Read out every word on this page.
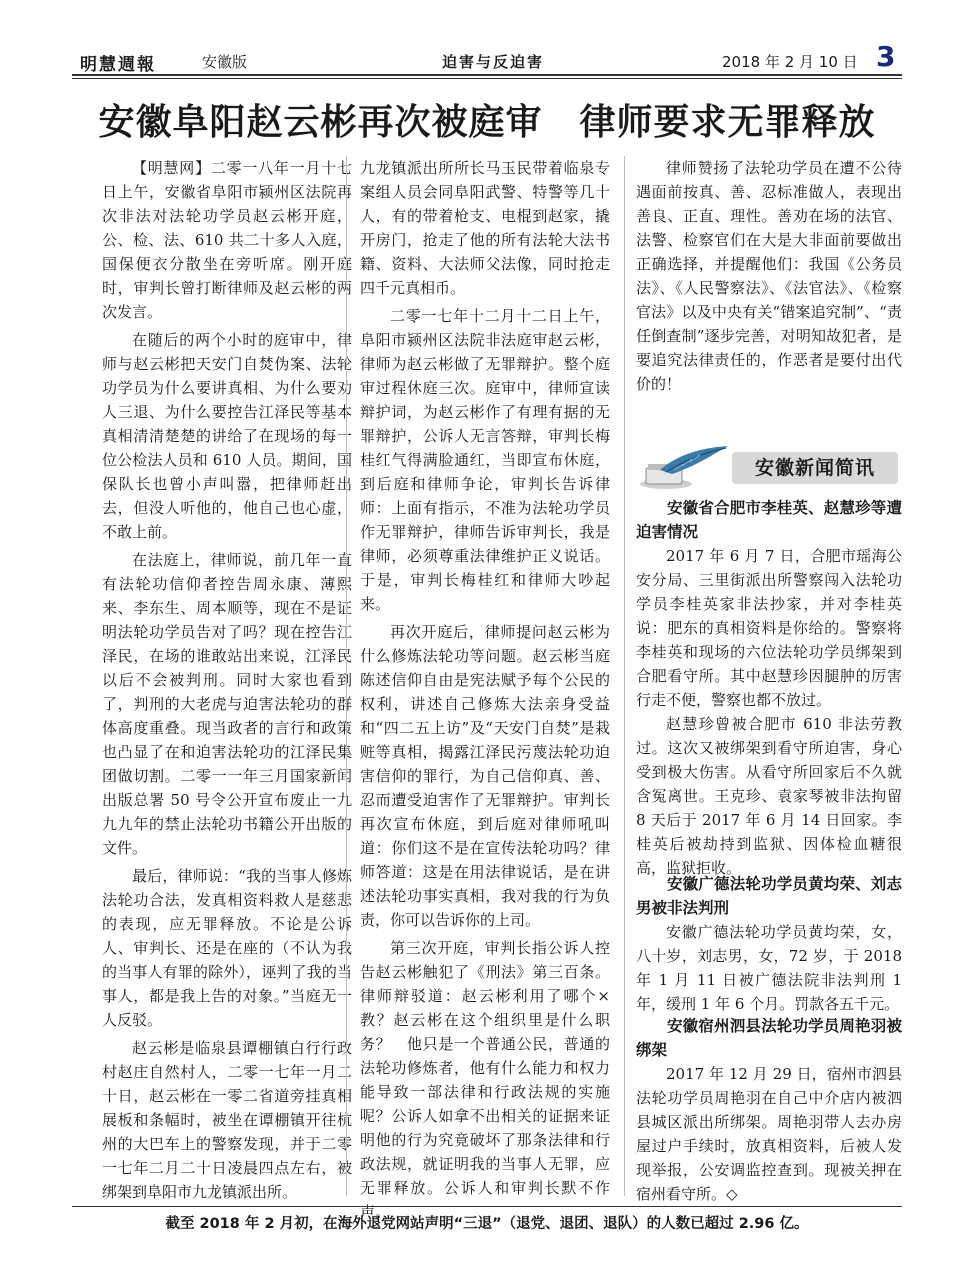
明慧週報	安徽版	迫害与反迫害	2018 年 2 月 10 日 3
安徽阜阳赵云彬再次被庭审　律师要求无罪释放

【明慧网】二零一八年一月十七日上午，安徽省阜阳市颍州区法院再次非法对法轮功学员赵云彬开庭，公、检、法、610 共二十多人入庭，国保便衣分散坐在旁听席。刚开庭时，审判长曾打断律师及赵云彬的两次发言。

在随后的两个小时的庭审中，律师与赵云彬把天安门自焚伪案、法轮功学员为什么要讲真相、为什么要劝人三退、为什么要控告江泽民等基本真相清清楚楚的讲给了在现场的每一位公检法人员和 610 人员。期间，国保队长也曾小声叫嚣，把律师赶出去，但没人听他的，他自己也心虚，不敢上前。

在法庭上，律师说，前几年一直有法轮功信仰者控告周永康、薄熙来、李东生、周本顺等，现在不是证明法轮功学员告对了吗？现在控告江泽民，在场的谁敢站出来说，江泽民以后不会被判刑。同时大家也看到了，判刑的大老虎与迫害法轮功的群体高度重叠。现当政者的言行和政策也凸显了在和迫害法轮功的江泽民集团做切割。二零一一年三月国家新闻出版总署 50 号令公开宣布废止一九九九年的禁止法轮功书籍公开出版的文件。

最后，律师说：“我的当事人修炼法轮功合法，发真相资料救人是慈悲的表现，应无罪释放。不论是公诉人、审判长、还是在座的（不认为我的当事人有罪的除外），诬判了我的当事人，都是我上告的对象。”当庭无一人反驳。

赵云彬是临泉县谭棚镇白行行政村赵庄自然村人，二零一七年一月二十日，赵云彬在一零二省道旁挂真相展板和条幅时，被坐在谭棚镇开往杭州的大巴车上的警察发现，并于二零一七年二月二十日凌晨四点左右，被绑架到阜阳市九龙镇派出所。

九龙镇派出所所长马玉民带着临泉专案组人员会同阜阳武警、特警等几十人，有的带着枪支、电棍到赵家，撬开房门，抢走了他的所有法轮大法书籍、资料、大法师父法像，同时抢走四千元真相币。

二零一七年十二月十二日上午，阜阳市颍州区法院非法庭审赵云彬，律师为赵云彬做了无罪辩护。整个庭审过程休庭三次。庭审中，律师宣读辩护词，为赵云彬作了有理有据的无罪辩护，公诉人无言答辩，审判长梅桂红气得满脸通红，当即宣布休庭，到后庭和律师争论，审判长告诉律师：上面有指示，不准为法轮功学员作无罪辩护，律师告诉审判长，我是律师，必须尊重法律维护正义说话。于是，审判长梅桂红和律师大吵起来。

再次开庭后，律师提问赵云彬为什么修炼法轮功等问题。赵云彬当庭陈述信仰自由是宪法赋予每个公民的权利，讲述自己修炼大法亲身受益和“四二五上访”及“天安门自焚”是栽赃等真相，揭露江泽民污蔑法轮功迫害信仰的罪行，为自己信仰真、善、忍而遭受迫害作了无罪辩护。审判长再次宣布休庭，到后庭对律师吼叫道：你们这不是在宣传法轮功吗？律师答道：这是在用法律说话，是在讲述法轮功事实真相，我对我的行为负责，你可以告诉你的上司。

第三次开庭，审判长指公诉人控告赵云彬触犯了《刑法》第三百条。律师辩驳道：赵云彬利用了哪个×教？赵云彬在这个组织里是什么职务？　他只是一个普通公民，普通的法轮功修炼者，他有什么能力和权力能导致一部法律和行政法规的实施呢？公诉人如拿不出相关的证据来证明他的行为究竟破坏了那条法律和行政法规，就证明我的当事人无罪，应无罪释放。公诉人和审判长默不作声。

律师赞扬了法轮功学员在遭不公待遇面前按真、善、忍标准做人，表现出善良、正直、理性。善劝在场的法官、法警、检察官们在大是大非面前要做出正确选择，并提醒他们：我国《公务员法》、《人民警察法》、《法官法》、《检察官法》以及中央有关“错案追究制”、“责任倒查制”逐步完善，对明知故犯者，是要追究法律责任的，作恶者是要付出代价的！

安徽新闻简讯
安徽省合肥市李桂英、赵慧珍等遭迫害情况

2017 年 6 月 7 日，合肥市瑶海公安分局、三里街派出所警察闯入法轮功学员李桂英家非法抄家，并对李桂英说：肥东的真相资料是你给的。警察将李桂英和现场的六位法轮功学员绑架到合肥看守所。其中赵慧珍因腿肿的厉害行走不便，警察也都不放过。

赵慧珍曾被合肥市 610 非法劳教过。这次又被绑架到看守所迫害，身心受到极大伤害。从看守所回家后不久就含冤离世。王克珍、袁家琴被非法拘留 8 天后于 2017 年 6 月 14 日回家。李桂英后被劫持到监狱、因体检血糖很高，监狱拒收。

安徽广德法轮功学员黄均荣、刘志男被非法判刑

安徽广德法轮功学员黄均荣，女，八十岁，刘志男，女，72 岁，于 2018 年 1 月 11 日被广德法院非法判刑 1 年，缓刑 1 年 6 个月。罚款各五千元。

安徽宿州泗县法轮功学员周艳羽被绑架

2017 年 12 月 29 日，宿州市泗县法轮功学员周艳羽在自己中介店内被泗县城区派出所绑架。周艳羽带人去办房屋过户手续时，放真相资料，后被人发现举报，公安调监控查到。现被关押在宿州看守所。◇

截至 2018 年 2 月初，在海外退党网站声明“三退”（退党、退团、退队）的人数已超过 2.96 亿。
